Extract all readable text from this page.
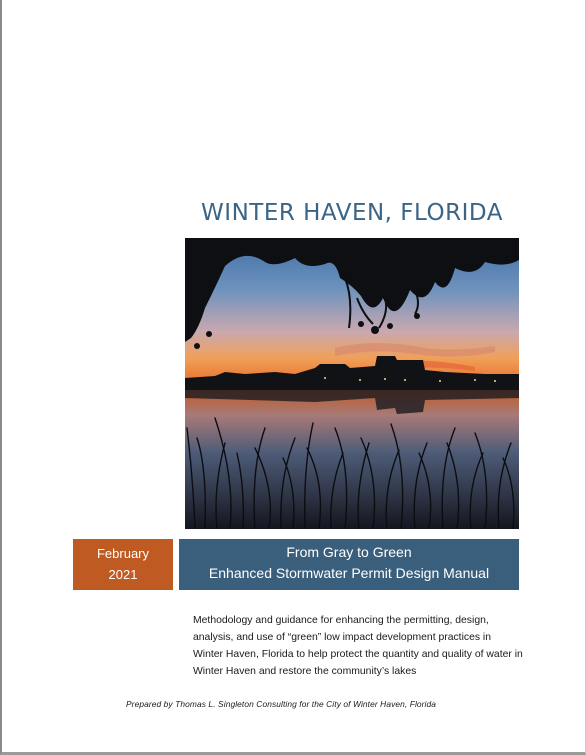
WINTER HAVEN, FLORIDA
February
2021
From Gray to Green
Enhanced Stormwater Permit Design Manual
Methodology and guidance for enhancing the permitting, design, analysis, and use of “green” low impact development practices in Winter Haven, Florida to help protect the quantity and quality of water in Winter Haven and restore the community’s lakes
Prepared by Thomas L. Singleton Consulting for the City of Winter Haven, Florida
